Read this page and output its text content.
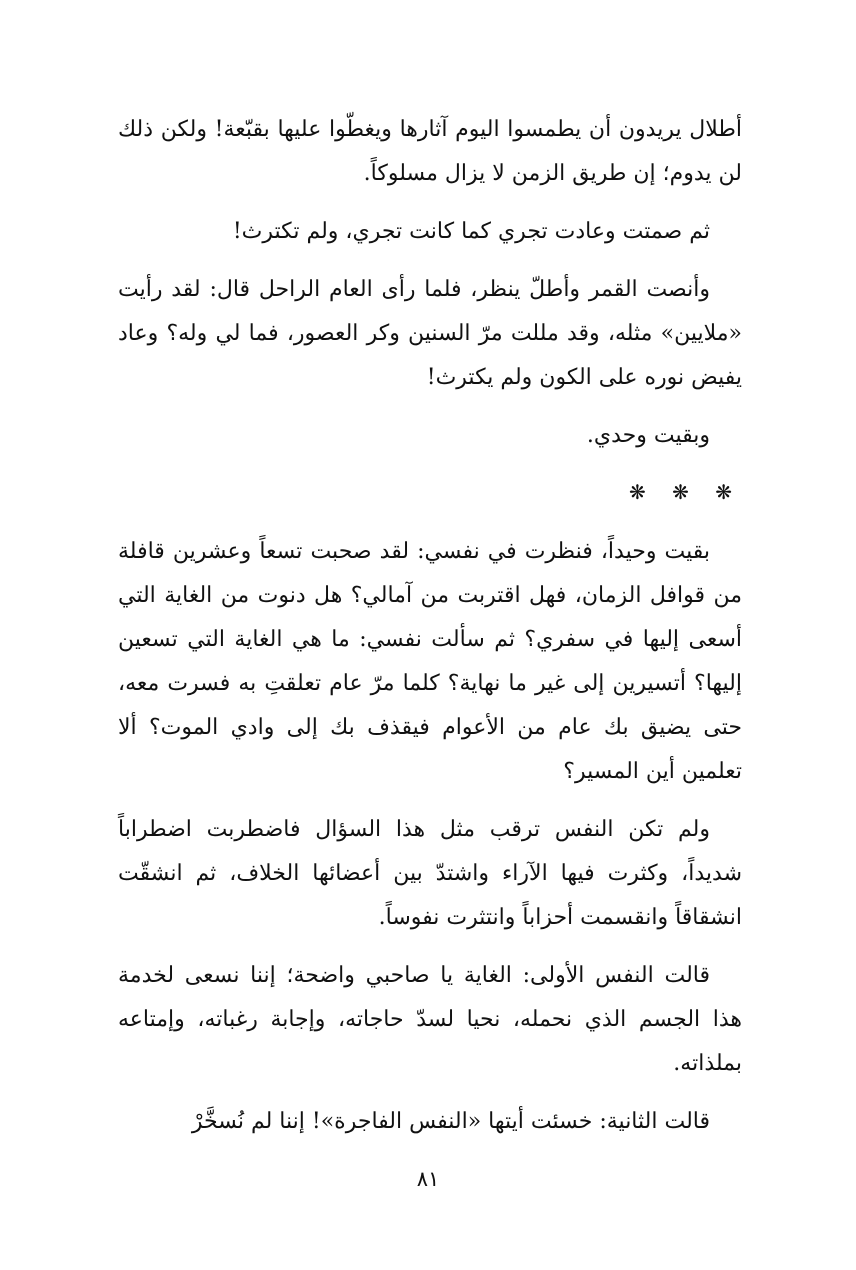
أطلال يريدون أن يطمسوا اليوم آثارها ويغطّوا عليها بقبّعة! ولكن ذلك لن يدوم؛ إن طريق الزمن لا يزال مسلوكاً.

ثم صمتت وعادت تجري كما كانت تجري، ولم تكترث!

وأنصت القمر وأطلّ ينظر، فلما رأى العام الراحل قال: لقد رأيت «ملايين» مثله، وقد مللت مرّ السنين وكر العصور، فما لي وله؟ وعاد يفيض نوره على الكون ولم يكترث!

وبقيت وحدي.

❋ ❋ ❋

بقيت وحيداً، فنظرت في نفسي: لقد صحبت تسعاً وعشرين قافلة من قوافل الزمان، فهل اقتربت من آمالي؟ هل دنوت من الغاية التي أسعى إليها في سفري؟ ثم سألت نفسي: ما هي الغاية التي تسعين إليها؟ أتسيرين إلى غير ما نهاية؟ كلما مرّ عام تعلقتِ به فسرت معه، حتى يضيق بك عام من الأعوام فيقذف بك إلى وادي الموت؟ ألا تعلمين أين المسير؟

ولم تكن النفس ترقب مثل هذا السؤال فاضطربت اضطراباً شديداً، وكثرت فيها الآراء واشتدّ بين أعضائها الخلاف، ثم انشقّت انشقاقاً وانقسمت أحزاباً وانتثرت نفوساً.

قالت النفس الأولى: الغاية يا صاحبي واضحة؛ إننا نسعى لخدمة هذا الجسم الذي نحمله، نحيا لسدّ حاجاته، وإجابة رغباته، وإمتاعه بملذاته.

قالت الثانية: خسئت أيتها «النفس الفاجرة»! إننا لم نُسخَّرْ

٨١
